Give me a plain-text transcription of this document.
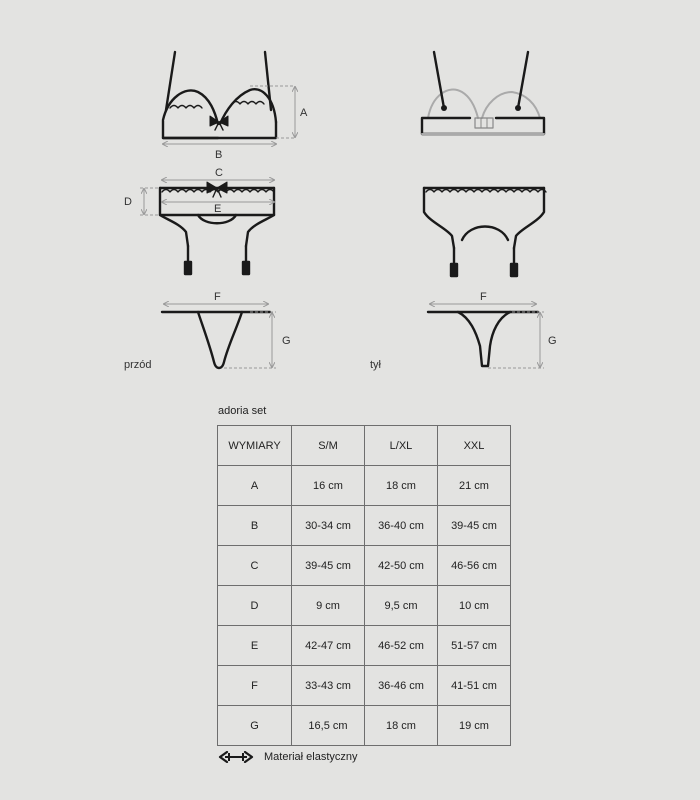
A
B
C
D
E
F
G
przód
F
G
tył
adoria set
WYMIARY	S/M	L/XL	XXL
A	16 cm	18 cm	21 cm
B	30-34 cm	36-40 cm	39-45 cm
C	39-45 cm	42-50 cm	46-56 cm
D	9 cm	9,5 cm	10 cm
E	42-47 cm	46-52 cm	51-57 cm
F	33-43 cm	36-46 cm	41-51 cm
G	16,5 cm	18 cm	19 cm
Materiał elastyczny
